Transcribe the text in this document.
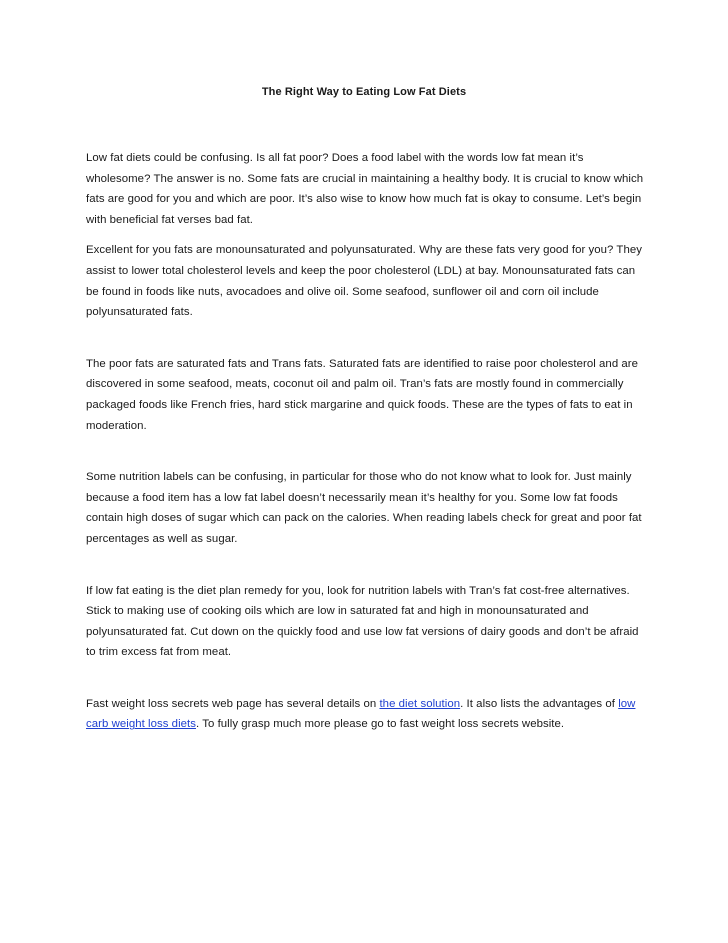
The Right Way to Eating Low Fat Diets

Low fat diets could be confusing. Is all fat poor? Does a food label with the words low fat mean it’s wholesome? The answer is no. Some fats are crucial in maintaining a healthy body. It is crucial to know which fats are good for you and which are poor. It’s also wise to know how much fat is okay to consume. Let’s begin with beneficial fat verses bad fat.

Excellent for you fats are monounsaturated and polyunsaturated. Why are these fats very good for you? They assist to lower total cholesterol levels and keep the poor cholesterol (LDL) at bay. Monounsaturated fats can be found in foods like nuts, avocadoes and olive oil. Some seafood, sunflower oil and corn oil include polyunsaturated fats.

The poor fats are saturated fats and Trans fats. Saturated fats are identified to raise poor cholesterol and are discovered in some seafood, meats, coconut oil and palm oil. Tran’s fats are mostly found in commercially packaged foods like French fries, hard stick margarine and quick foods. These are the types of fats to eat in moderation.

Some nutrition labels can be confusing, in particular for those who do not know what to look for. Just mainly because a food item has a low fat label doesn’t necessarily mean it’s healthy for you. Some low fat foods contain high doses of sugar which can pack on the calories. When reading labels check for great and poor fat percentages as well as sugar.

If low fat eating is the diet plan remedy for you, look for nutrition labels with Tran’s fat cost-free alternatives. Stick to making use of cooking oils which are low in saturated fat and high in monounsaturated and polyunsaturated fat. Cut down on the quickly food and use low fat versions of dairy goods and don’t be afraid to trim excess fat from meat.

Fast weight loss secrets web page has several details on the diet solution. It also lists the advantages of low carb weight loss diets. To fully grasp much more please go to fast weight loss secrets website.
